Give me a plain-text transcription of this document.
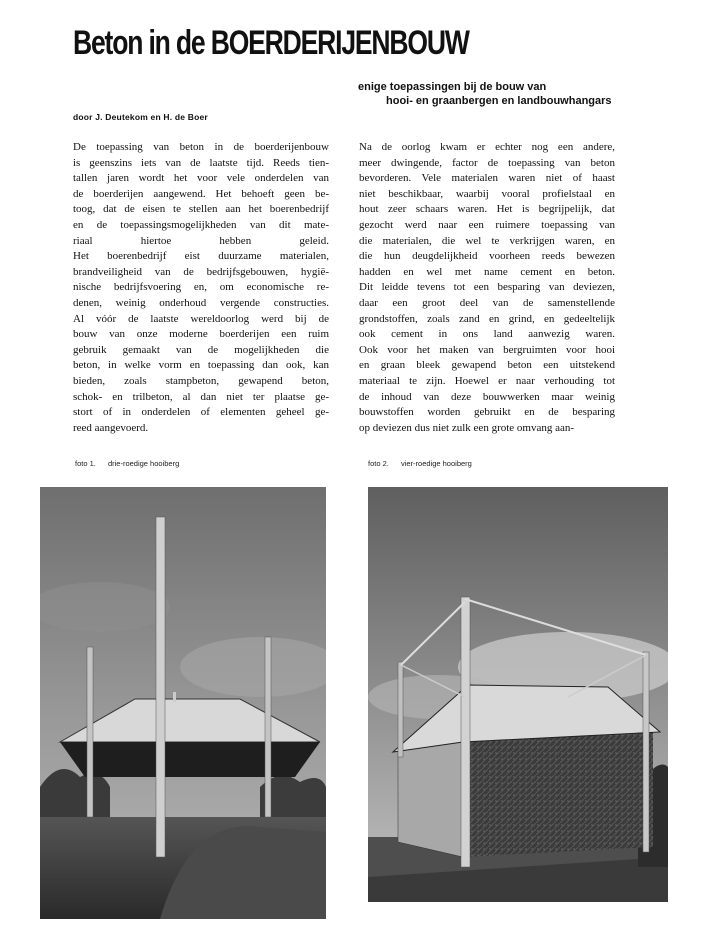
Beton in de BOERDERIJENBOUW
enige toepassingen bij de bouw van
hooi- en graanbergen en landbouwhangars
door J. Deutekom en H. de Boer
De toepassing van beton in de boerderijenbouw
is geenszins iets van de laatste tijd. Reeds tien-
tallen jaren wordt het voor vele onderdelen van
de boerderijen aangewend. Het behoeft geen be-
toog, dat de eisen te stellen aan het boerenbedrijf
en de toepassingsmogelijkheden van dit mate-
riaal hiertoe hebben geleid.
Het boerenbedrijf eist duurzame materialen,
brandveiligheid van de bedrijfsgebouwen, hygië-
nische bedrijfsvoering en, om economische re-
denen, weinig onderhoud vergende constructies.
Al vóór de laatste wereldoorlog werd bij de
bouw van onze moderne boerderijen een ruim
gebruik gemaakt van de mogelijkheden die
beton, in welke vorm en toepassing dan ook, kan
bieden, zoals stampbeton, gewapend beton,
schok- en trilbeton, al dan niet ter plaatse ge-
stort of in onderdelen of elementen geheel ge-
reed aangevoerd.
Na de oorlog kwam er echter nog een andere,
meer dwingende, factor de toepassing van beton
bevorderen. Vele materialen waren niet of haast
niet beschikbaar, waarbij vooral profielstaal en
hout zeer schaars waren. Het is begrijpelijk, dat
gezocht werd naar een ruimere toepassing van
die materialen, die wel te verkrijgen waren, en
die hun deugdelijkheid voorheen reeds bewezen
hadden en wel met name cement en beton.
Dit leidde tevens tot een besparing van deviezen,
daar een groot deel van de samenstellende
grondstoffen, zoals zand en grind, en gedeeltelijk
ook cement in ons land aanwezig waren.
Ook voor het maken van bergruimten voor hooi
en graan bleek gewapend beton een uitstekend
materiaal te zijn. Hoewel er naar verhouding tot
de inhoud van deze bouwwerken maar weinig
bouwstoffen worden gebruikt en de besparing
op deviezen dus niet zulk een grote omvang aan-
foto 1. drie-roedige hooiberg	foto 2. vier-roedige hooiberg
